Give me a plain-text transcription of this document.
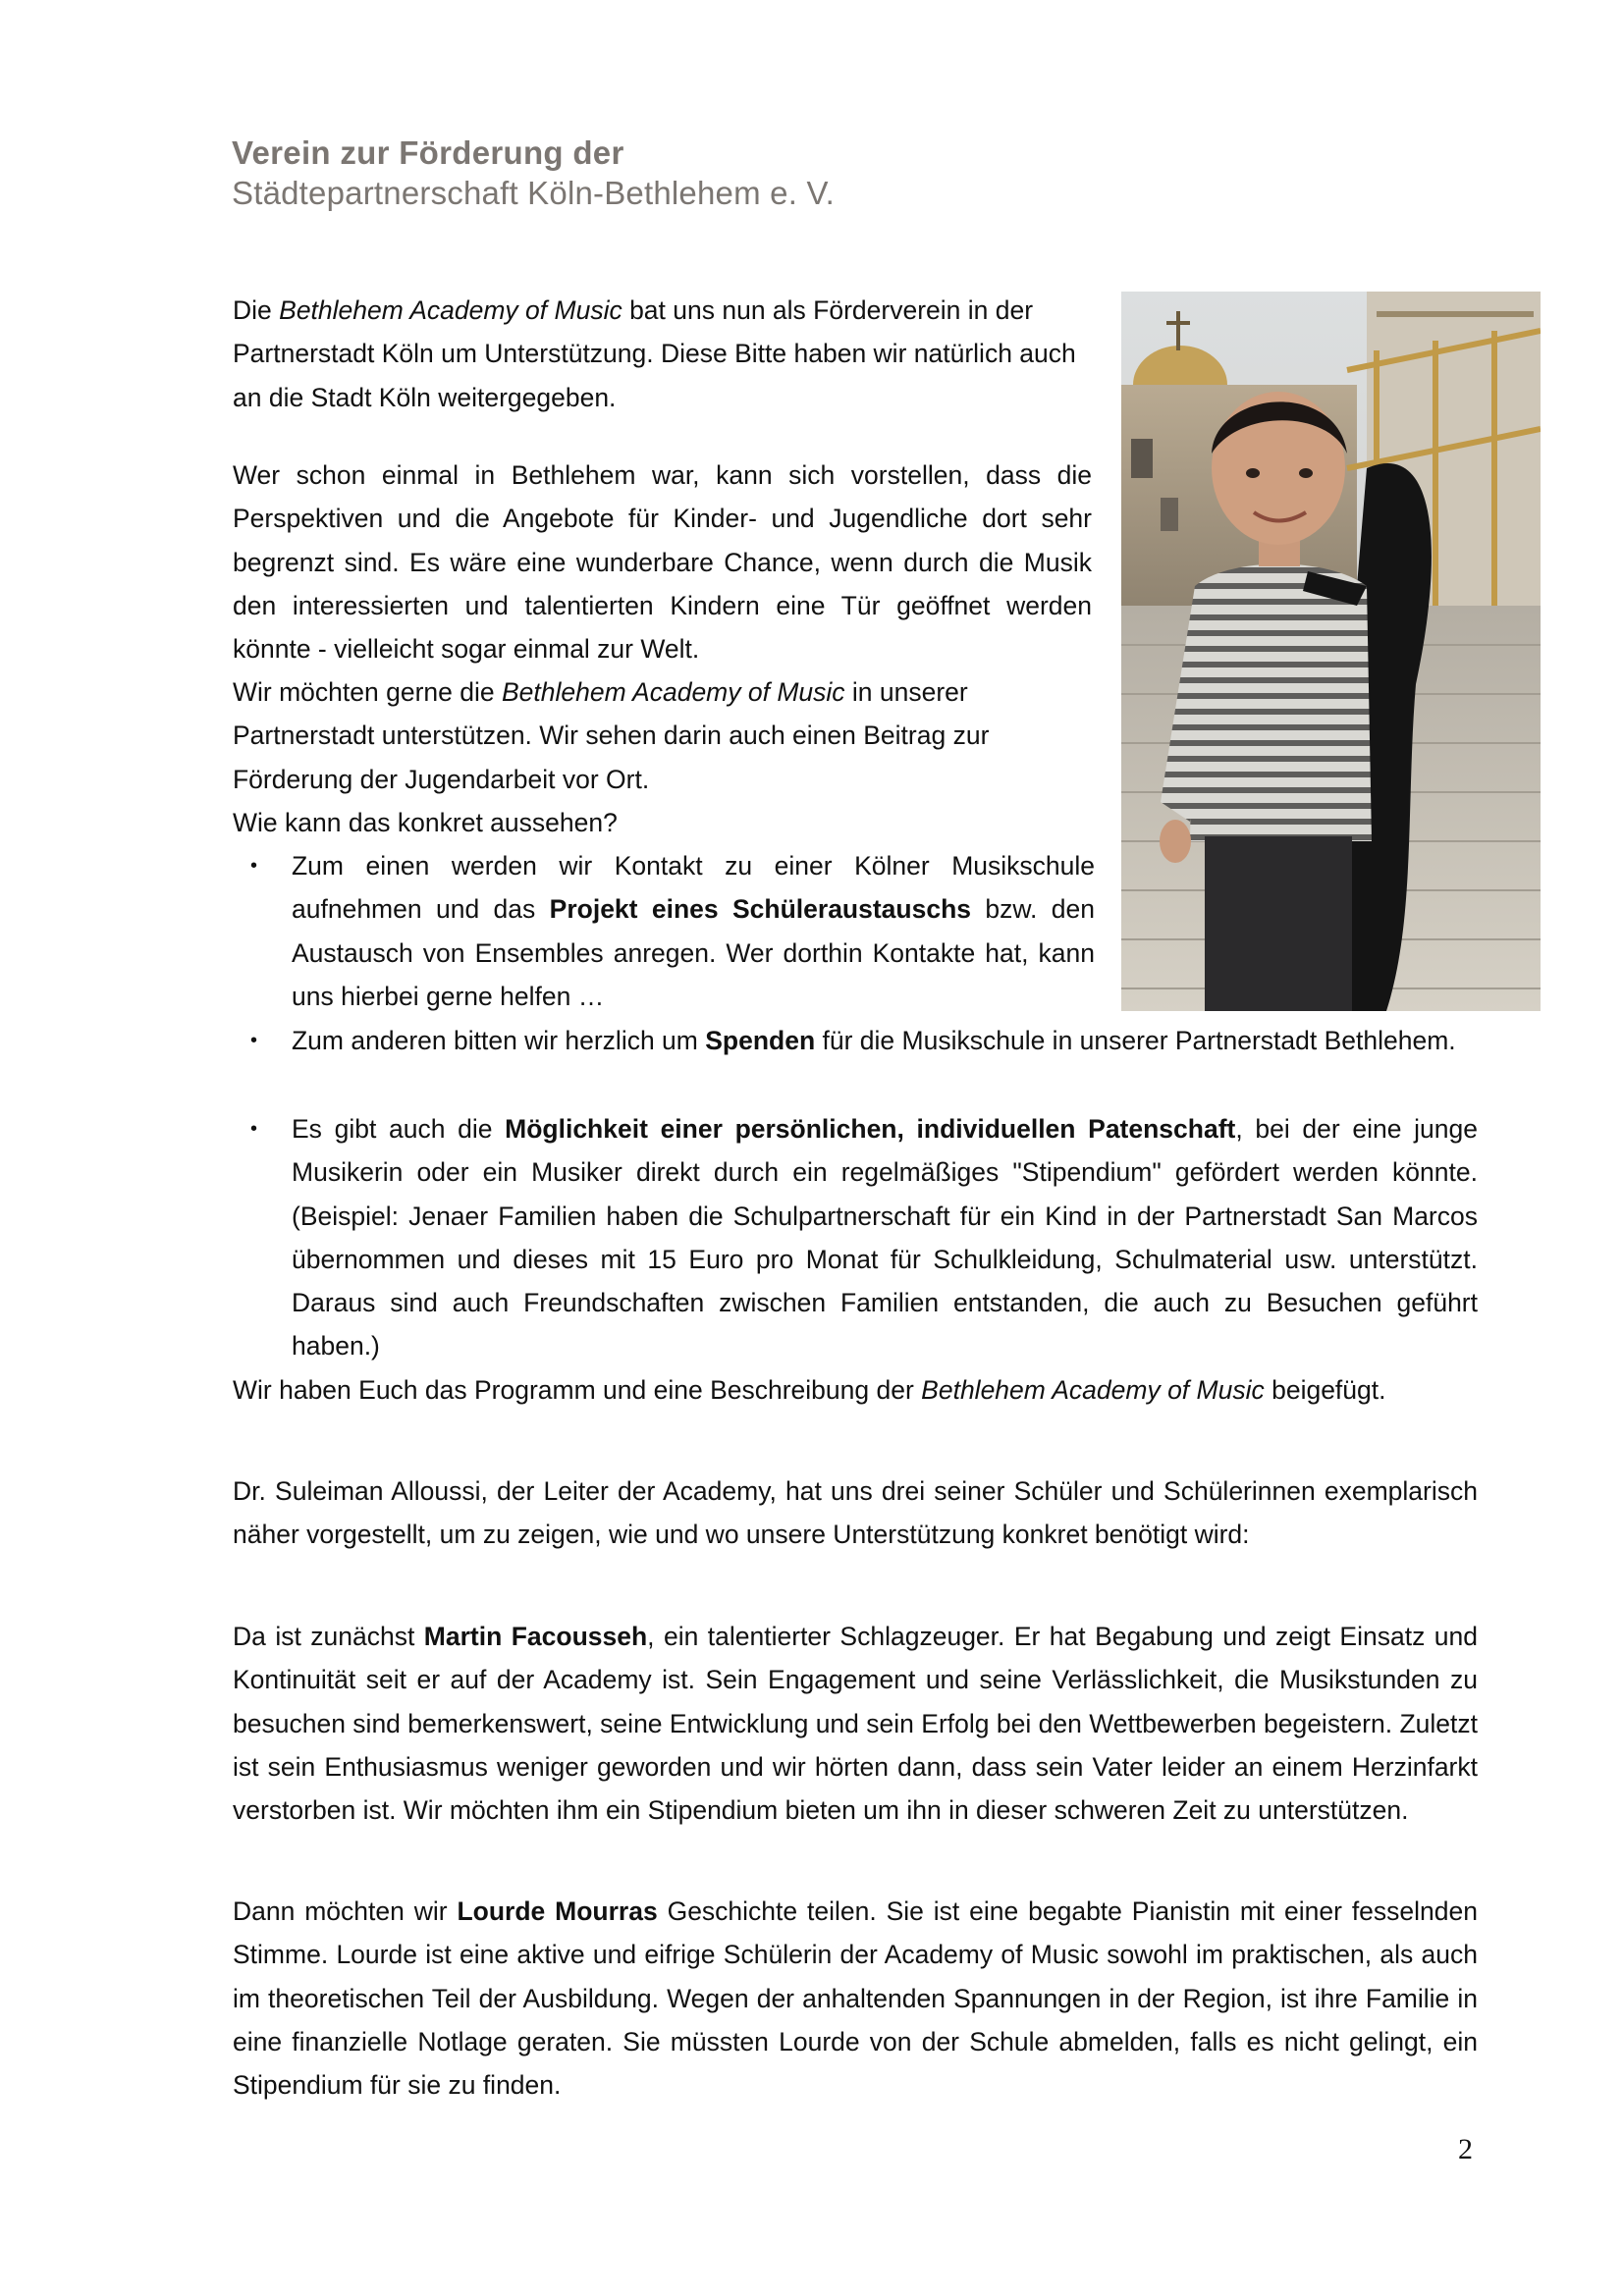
Verein zur Förderung der
Städtepartnerschaft Köln-Bethlehem e. V.

Die Bethlehem Academy of Music bat uns nun als Förderverein in der Partnerstadt Köln um Unterstützung. Diese Bitte haben wir natürlich auch an die Stadt Köln weitergegeben.

Wer schon einmal in Bethlehem war, kann sich vorstellen, dass die Perspektiven und die Angebote für Kinder- und Jugendliche dort sehr begrenzt sind. Es wäre eine wunderbare Chance, wenn durch die Musik den interessierten und talentierten Kindern eine Tür geöffnet werden könnte - vielleicht sogar einmal zur Welt.

Wir möchten gerne die Bethlehem Academy of Music in unserer Partnerstadt unterstützen. Wir sehen darin auch einen Beitrag zur Förderung der Jugendarbeit vor Ort.

Wie kann das konkret aussehen?

• Zum einen werden wir Kontakt zu einer Kölner Musikschule aufnehmen und das Projekt eines Schüleraustauschs bzw. den Austausch von Ensembles anregen. Wer dorthin Kontakte hat, kann uns hierbei gerne helfen …

• Zum anderen bitten wir herzlich um Spenden für die Musikschule in unserer Partnerstadt Bethlehem.

• Es gibt auch die Möglichkeit einer persönlichen, individuellen Patenschaft, bei der eine junge Musikerin oder ein Musiker direkt durch ein regelmäßiges "Stipendium" gefördert werden könnte. (Beispiel: Jenaer Familien haben die Schulpartnerschaft für ein Kind in der Partnerstadt San Marcos übernommen und dieses mit 15 Euro pro Monat für Schulkleidung, Schulmaterial usw. unterstützt. Daraus sind auch Freundschaften zwischen Familien entstanden, die auch zu Besuchen geführt haben.)

Wir haben Euch das Programm und eine Beschreibung der Bethlehem Academy of Music beigefügt.

Dr. Suleiman Alloussi, der Leiter der Academy, hat uns drei seiner Schüler und Schülerinnen exemplarisch näher vorgestellt, um zu zeigen, wie und wo unsere Unterstützung konkret benötigt wird:

Da ist zunächst Martin Facousseh, ein talentierter Schlagzeuger. Er hat Begabung und zeigt Einsatz und Kontinuität seit er auf der Academy ist. Sein Engagement und seine Verlässlichkeit, die Musikstunden zu besuchen sind bemerkenswert, seine Entwicklung und sein Erfolg bei den Wettbewerben begeistern. Zuletzt ist sein Enthusiasmus weniger geworden und wir hörten dann, dass sein Vater leider an einem Herzinfarkt verstorben ist. Wir möchten ihm ein Stipendium bieten um ihn in dieser schweren Zeit zu unterstützen.

Dann möchten wir Lourde Mourras Geschichte teilen. Sie ist eine begabte Pianistin mit einer fesselnden Stimme. Lourde ist eine aktive und eifrige Schülerin der Academy of Music sowohl im praktischen, als auch im theoretischen Teil der Ausbildung. Wegen der anhaltenden Spannungen in der Region, ist ihre Familie in eine finanzielle Notlage geraten. Sie müssten Lourde von der Schule abmelden, falls es nicht gelingt, ein Stipendium für sie zu finden.

2
